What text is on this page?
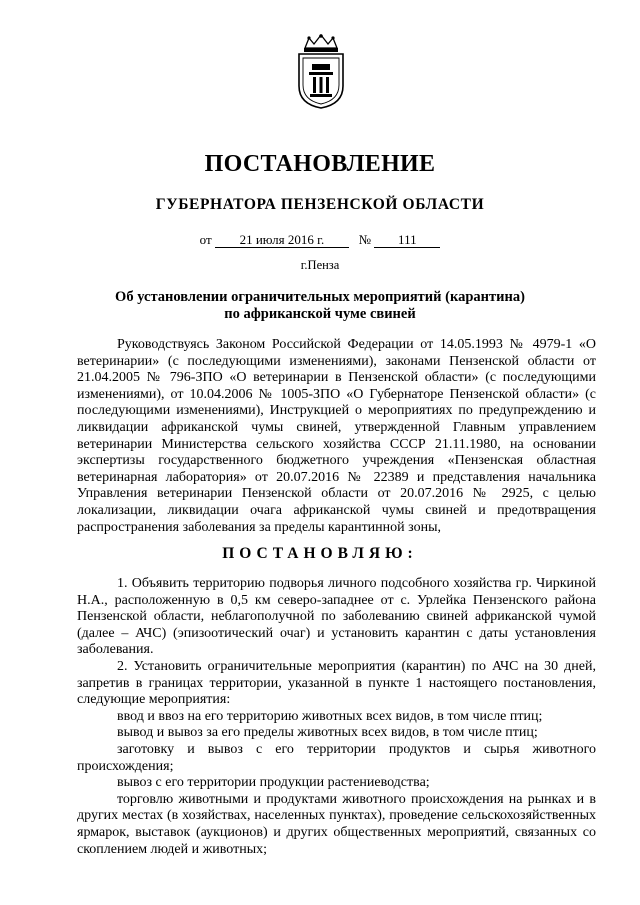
ПОСТАНОВЛЕНИЕ
ГУБЕРНАТОРА ПЕНЗЕНСКОЙ ОБЛАСТИ
от 21 июля 2016 г.	№ 111
г.Пенза
Об установлении ограничительных мероприятий (карантина)
по африканской чуме свиней

Руководствуясь Законом Российской Федерации от 14.05.1993 № 4979-1 «О ветеринарии» (с последующими изменениями), законами Пензенской области от 21.04.2005 № 796-ЗПО «О ветеринарии в Пензенской области» (с последующими изменениями), от 10.04.2006 № 1005-ЗПО «О Губернаторе Пензенской области» (с последующими изменениями), Инструкцией о мероприятиях по предупреждению и ликвидации африканской чумы свиней, утвержденной Главным управлением ветеринарии Министерства сельского хозяйства СССР 21.11.1980, на основании экспертизы государственного бюджетного учреждения «Пензенская областная ветеринарная лаборатория» от 20.07.2016 № 22389 и представления начальника Управления ветеринарии Пензенской области от 20.07.2016 № 2925, с целью локализации, ликвидации очага африканской чумы свиней и предотвращения распространения заболевания за пределы карантинной зоны,

ПОСТАНОВЛЯЮ:

1. Объявить территорию подворья личного подсобного хозяйства гр. Чиркиной Н.А., расположенную в 0,5 км северо-западнее от с. Урлейка Пензенского района Пензенской области, неблагополучной по заболеванию свиней африканской чумой (далее – АЧС) (эпизоотический очаг) и установить карантин с даты установления заболевания.

2. Установить ограничительные мероприятия (карантин) по АЧС на 30 дней, запретив в границах территории, указанной в пункте 1 настоящего постановления, следующие мероприятия:

ввод и ввоз на его территорию животных всех видов, в том числе птиц;

вывод и вывоз за его пределы животных всех видов, в том числе птиц;

заготовку и вывоз с его территории продуктов и сырья животного происхождения;

вывоз с его территории продукции растениеводства;

торговлю животными и продуктами животного происхождения на рынках и в других местах (в хозяйствах, населенных пунктах), проведение сельскохозяйственных ярмарок, выставок (аукционов) и других общественных мероприятий, связанных со скоплением людей и животных;
